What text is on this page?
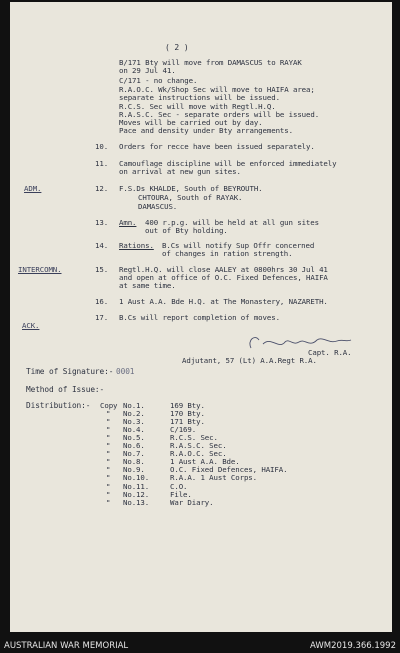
( 2 )
B/171 Bty will move from DAMASCUS to RAYAK
on 29 Jul 41.
C/171 - no change.
R.A.O.C. Wk/Shop Sec will move to HAIFA area;
separate instructions will be issued.
R.C.S. Sec will move with Regtl.H.Q.
R.A.S.C. Sec - separate orders will be issued.
Moves will be carried out by day.
Pace and density under Bty arrangements.
10. Orders for recce have been issued separately.
11. Camouflage discipline will be enforced immediately
on arrival at new gun sites.
ADM.	12. F.S.Ds KHALDE, South of BEYROUTH.
CHTOURA, South of RAYAK.
DAMASCUS.
13. Amn. 400 r.p.g. will be held at all gun sites
out of Bty holding.
14. Rations. B.Cs will notify Sup Offr concerned
of changes in ration strength.
INTERCOMN.	15. Regtl.H.Q. will close AALEY at 0800hrs 30 Jul 41
and open at office of O.C. Fixed Defences, HAIFA
at same time.
16. 1 Aust A.A. Bde H.Q. at The Monastery, NAZARETH.
17. B.Cs will report completion of moves.
ACK.
Capt. R.A.
Adjutant, 57 (Lt) A.A.Regt R.A.
Time of Signature:- 0001
Method of Issue:-
Distribution:- Copy No.1.	169 Bty.
" No.2.	170 Bty.
" No.3.	171 Bty.
" No.4.	C/169.
" No.5.	R.C.S. Sec.
" No.6.	R.A.S.C. Sec.
" No.7.	R.A.O.C. Sec.
" No.8.	1 Aust A.A. Bde.
" No.9.	O.C. Fixed Defences, HAIFA.
" No.10.	R.A.A. 1 Aust Corps.
" No.11.	C.O.
" No.12.	File.
" No.13.	War Diary.
AUSTRALIAN WAR MEMORIAL	AWM2019.366.1992
